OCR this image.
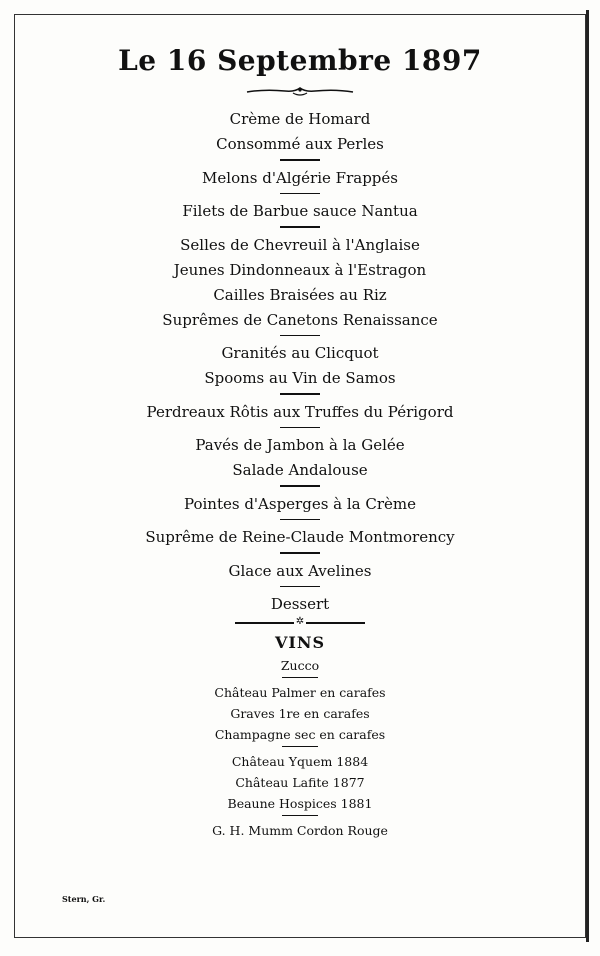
Le 16 Septembre 1897
Crème de Homard
Consommé aux Perles
Melons d'Algérie Frappés
Filets de Barbue sauce Nantua
Selles de Chevreuil à l'Anglaise
Jeunes Dindonneaux à l'Estragon
Cailles Braisées au Riz
Suprêmes de Canetons Renaissance
Granités au Clicquot
Spooms au Vin de Samos
Perdreaux Rôtis aux Truffes du Périgord
Pavés de Jambon à la Gelée
Salade Andalouse
Pointes d'Asperges à la Crème
Suprême de Reine-Claude Montmorency
Glace aux Avelines
Dessert
✲
VINS
Zucco
Château Palmer en carafes
Graves 1re en carafes
Champagne sec en carafes
Château Yquem 1884
Château Lafite 1877
Beaune Hospices 1881
G. H. Mumm Cordon Rouge
Stern, Gr.
